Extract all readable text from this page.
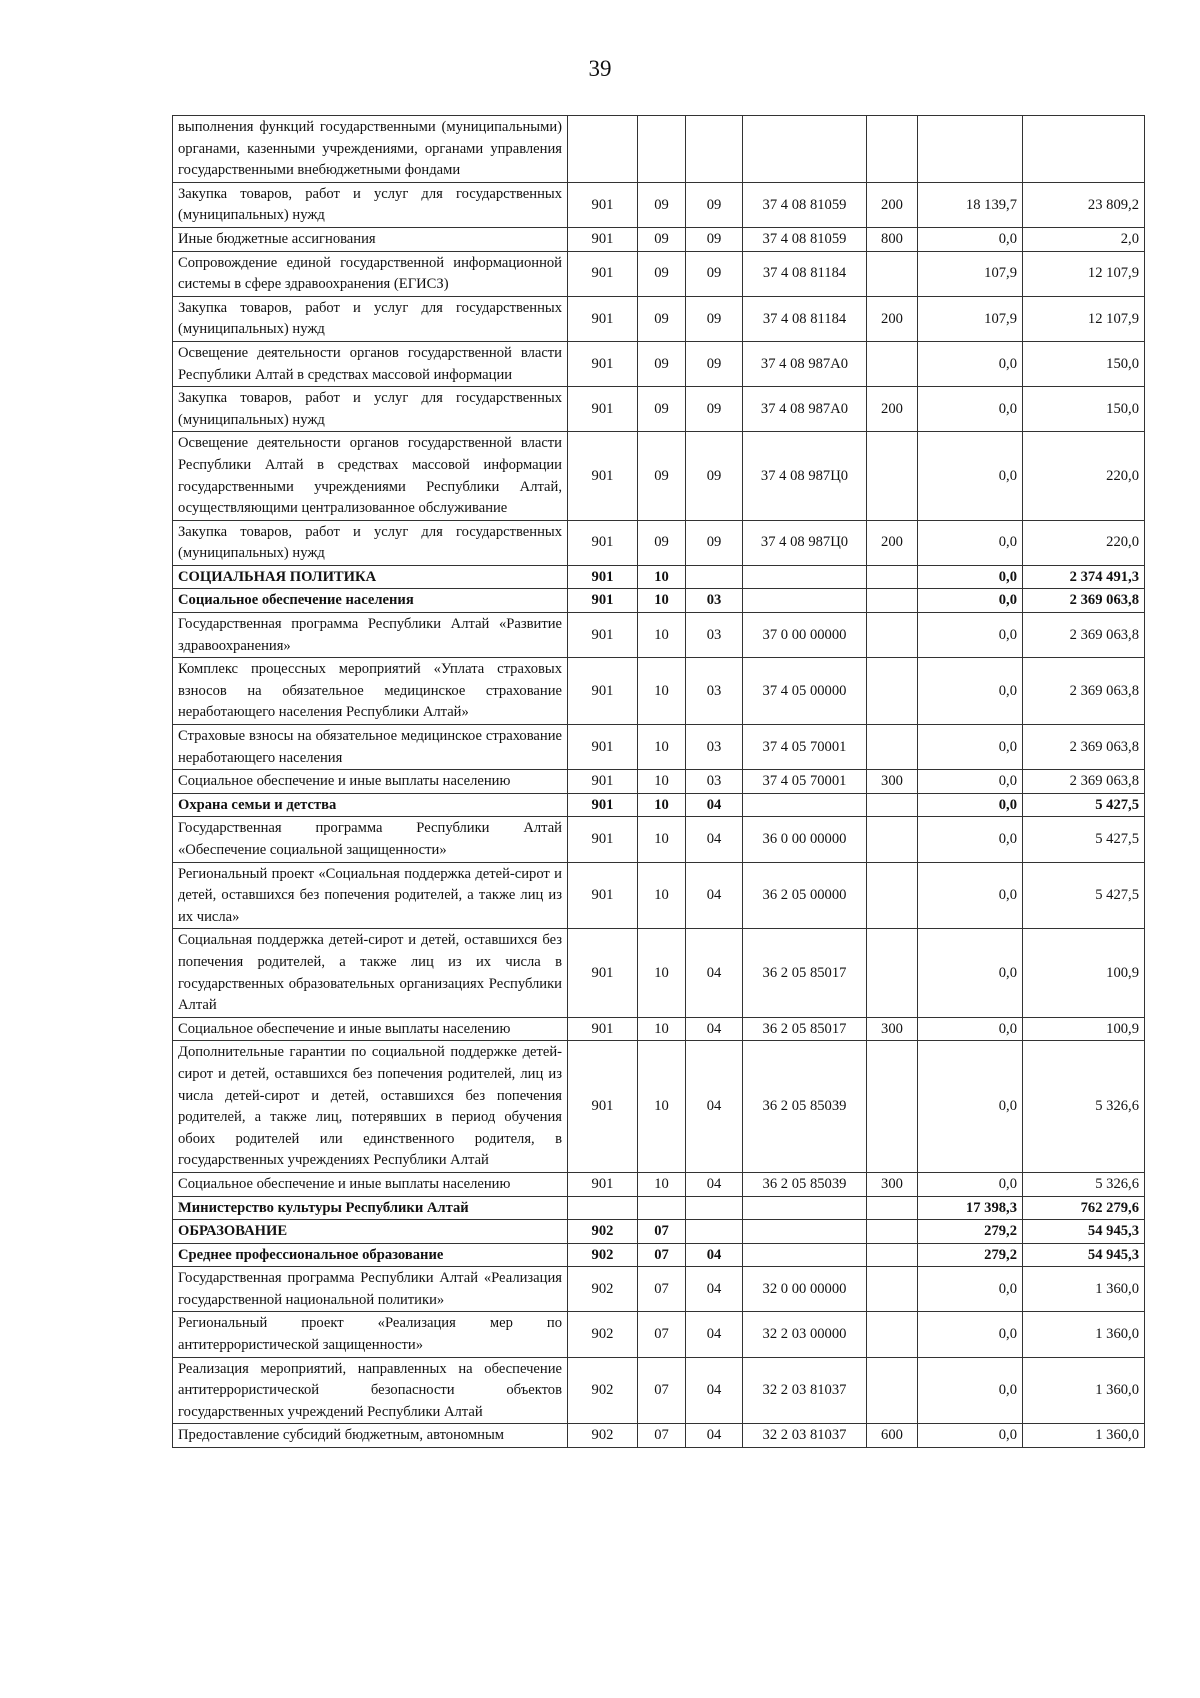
39
выполнения функций государственными (муниципальными) органами, казенными учреждениями, органами управления государственными внебюджетными фондами							
Закупка товаров, работ и услуг для государственных (муниципальных) нужд	901	09	09	37 4 08 81059	200	18 139,7	23 809,2
Иные бюджетные ассигнования	901	09	09	37 4 08 81059	800	0,0	2,0
Сопровождение единой государственной информационной системы в сфере здравоохранения (ЕГИСЗ)	901	09	09	37 4 08 81184		107,9	12 107,9
Закупка товаров, работ и услуг для государственных (муниципальных) нужд	901	09	09	37 4 08 81184	200	107,9	12 107,9
Освещение деятельности органов государственной власти Республики Алтай в средствах массовой информации	901	09	09	37 4 08 987А0		0,0	150,0
Закупка товаров, работ и услуг для государственных (муниципальных) нужд	901	09	09	37 4 08 987А0	200	0,0	150,0
Освещение деятельности органов государственной власти Республики Алтай в средствах массовой информации государственными учреждениями Республики Алтай, осуществляющими централизованное обслуживание	901	09	09	37 4 08 987Ц0		0,0	220,0
Закупка товаров, работ и услуг для государственных (муниципальных) нужд	901	09	09	37 4 08 987Ц0	200	0,0	220,0
СОЦИАЛЬНАЯ ПОЛИТИКА	901	10				0,0	2 374 491,3
Социальное обеспечение населения	901	10	03			0,0	2 369 063,8
Государственная программа Республики Алтай «Развитие здравоохранения»	901	10	03	37 0 00 00000		0,0	2 369 063,8
Комплекс процессных мероприятий «Уплата страховых взносов на обязательное медицинское страхование неработающего населения Республики Алтай»	901	10	03	37 4 05 00000		0,0	2 369 063,8
Страховые взносы на обязательное медицинское страхование неработающего населения	901	10	03	37 4 05 70001		0,0	2 369 063,8
Социальное обеспечение и иные выплаты населению	901	10	03	37 4 05 70001	300	0,0	2 369 063,8
Охрана семьи и детства	901	10	04			0,0	5 427,5
Государственная программа Республики Алтай «Обеспечение социальной защищенности»	901	10	04	36 0 00 00000		0,0	5 427,5
Региональный проект «Социальная поддержка детей-сирот и детей, оставшихся без попечения родителей, а также лиц из их числа»	901	10	04	36 2 05 00000		0,0	5 427,5
Социальная поддержка детей-сирот и детей, оставшихся без попечения родителей, а также лиц из их числа в государственных образовательных организациях Республики Алтай	901	10	04	36 2 05 85017		0,0	100,9
Социальное обеспечение и иные выплаты населению	901	10	04	36 2 05 85017	300	0,0	100,9
Дополнительные гарантии по социальной поддержке детей-сирот и детей, оставшихся без попечения родителей, лиц из числа детей-сирот и детей, оставшихся без попечения родителей, а также лиц, потерявших в период обучения обоих родителей или единственного родителя, в государственных учреждениях Республики Алтай	901	10	04	36 2 05 85039		0,0	5 326,6
Социальное обеспечение и иные выплаты населению	901	10	04	36 2 05 85039	300	0,0	5 326,6
Министерство культуры Республики Алтай						17 398,3	762 279,6
ОБРАЗОВАНИЕ	902	07				279,2	54 945,3
Среднее профессиональное образование	902	07	04			279,2	54 945,3
Государственная программа Республики Алтай «Реализация государственной национальной политики»	902	07	04	32 0 00 00000		0,0	1 360,0
Региональный проект «Реализация мер по антитеррористической защищенности»	902	07	04	32 2 03 00000		0,0	1 360,0
Реализация мероприятий, направленных на обеспечение антитеррористической безопасности объектов государственных учреждений Республики Алтай	902	07	04	32 2 03 81037		0,0	1 360,0
Предоставление субсидий бюджетным, автономным	902	07	04	32 2 03 81037	600	0,0	1 360,0
